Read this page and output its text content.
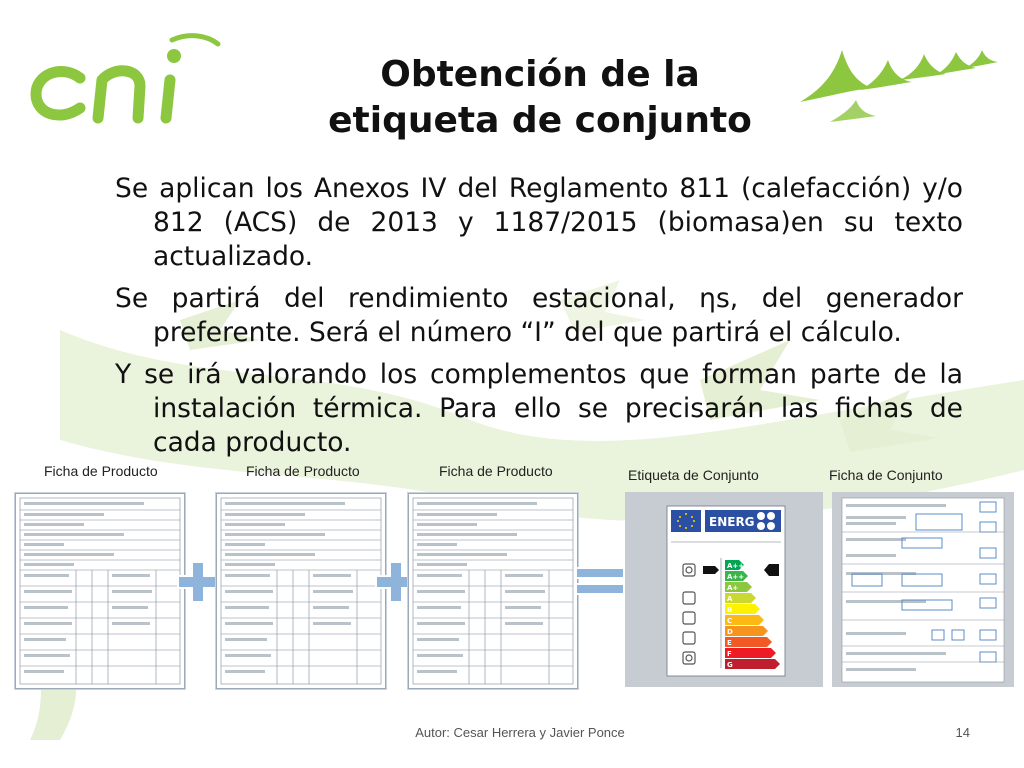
Obtención de la
etiqueta de conjunto

Se aplican los Anexos IV del Reglamento 811 (calefacción) y/o 812 (ACS) de 2013 y 1187/2015 (biomasa)en su texto actualizado.

Se partirá del rendimiento estacional, ηs, del generador preferente. Será el número “I” del que partirá el cálculo.

Y se irá valorando los complementos que forman parte de la instalación térmica. Para ello se precisarán las fichas de cada producto.

Ficha de Producto	Ficha de Producto	Ficha de Producto	Etiqueta de Conjunto	Ficha de Conjunto
ENERG
A+++
A++
A+
A
B
C
D
E
F
G
Autor: Cesar Herrera y Javier Ponce	14
